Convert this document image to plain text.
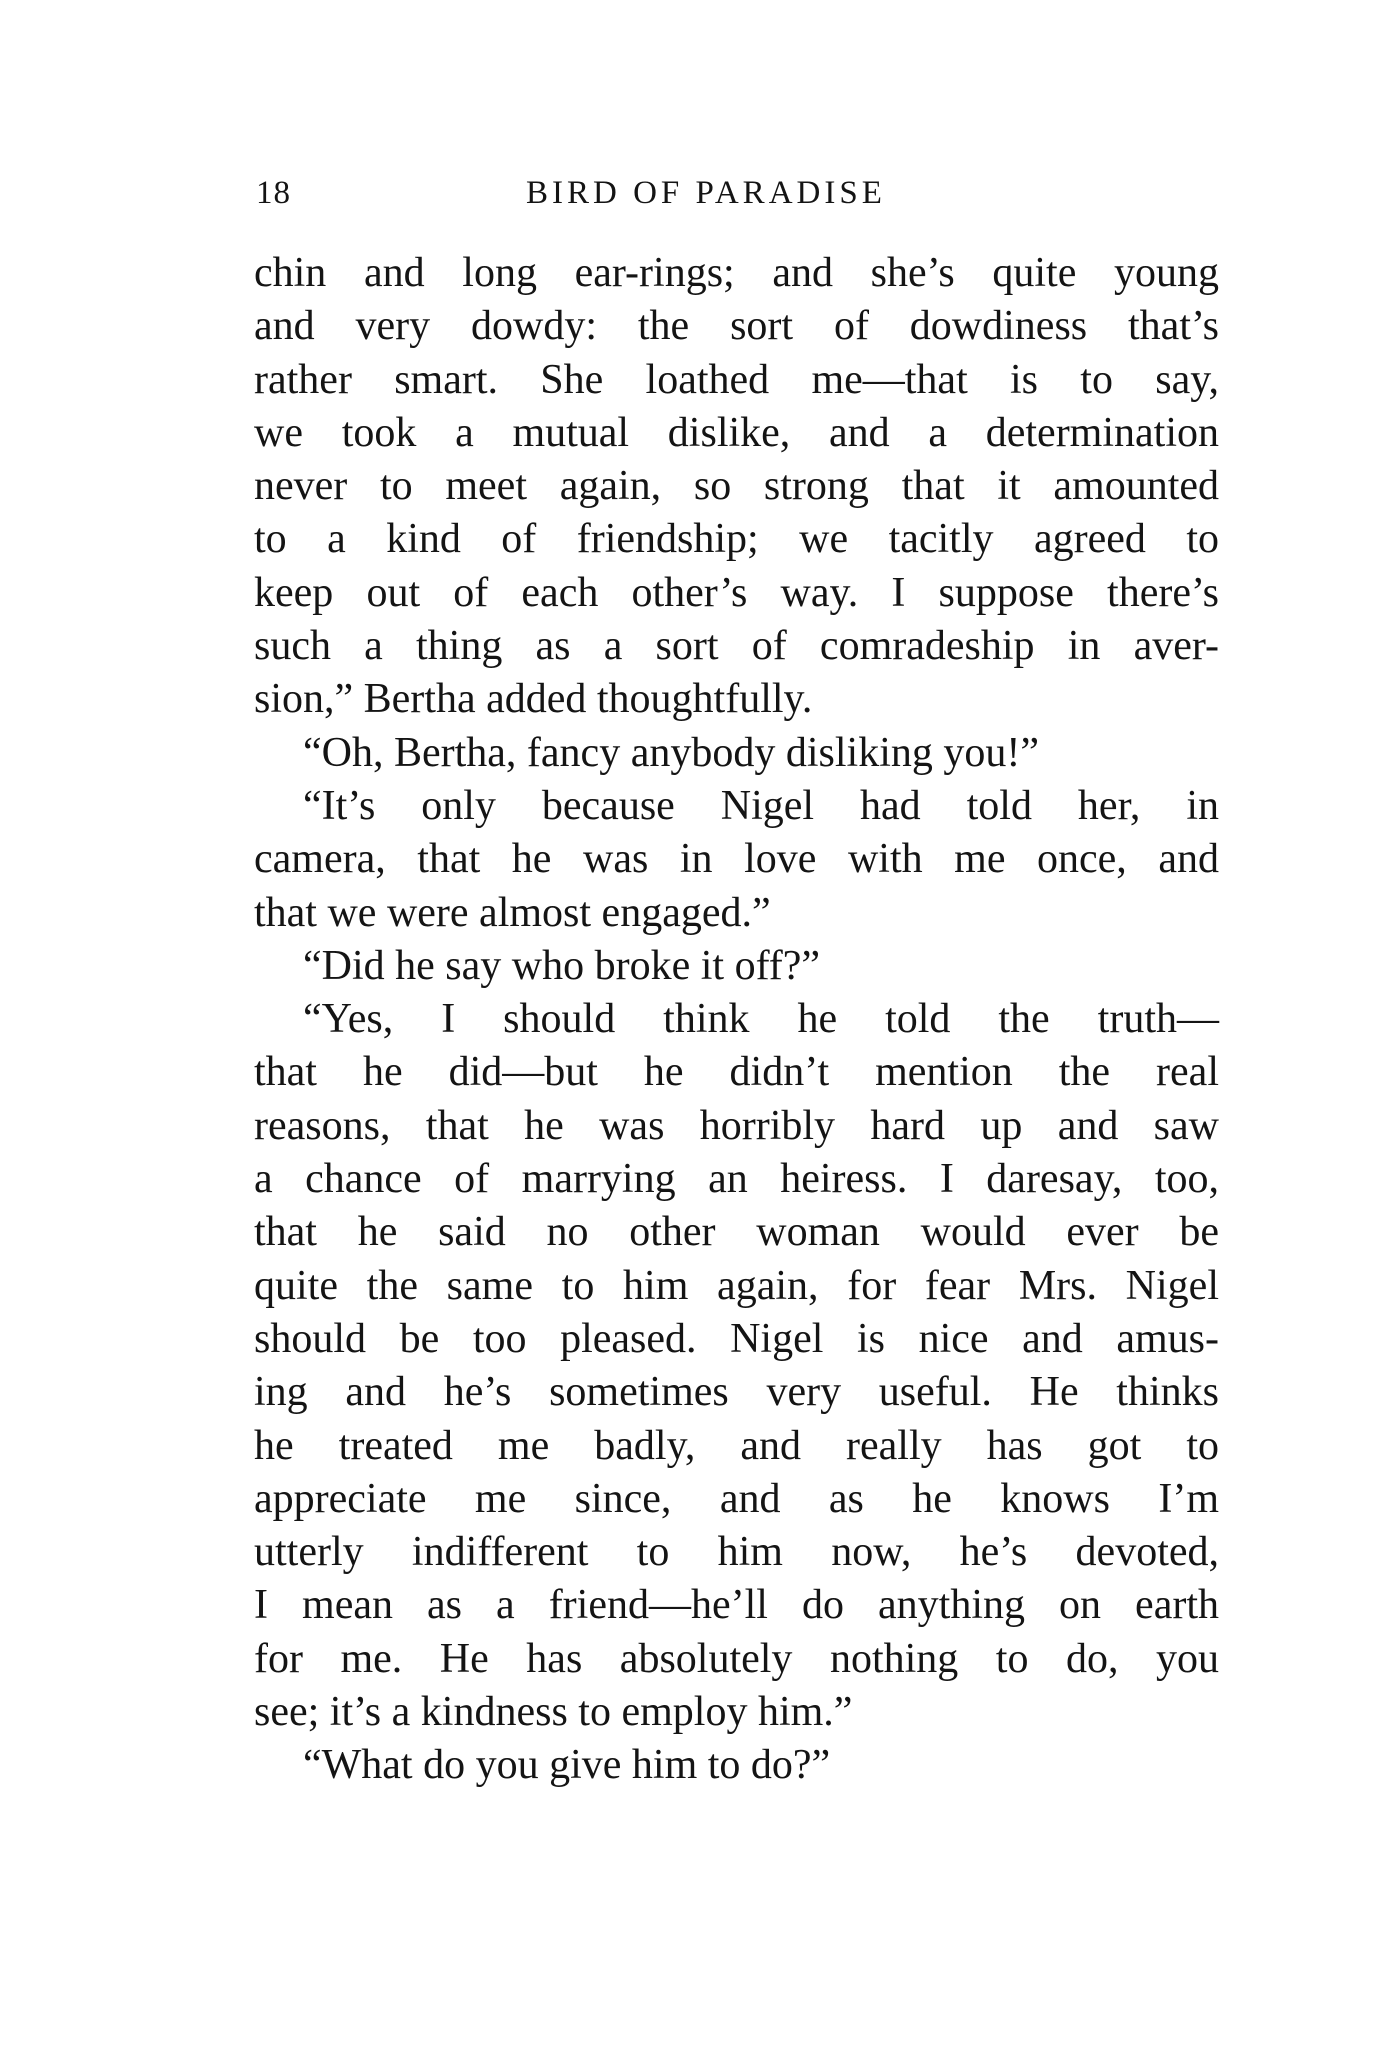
18	BIRD OF PARADISE
chin and long ear-rings; and she’s quite young
and very dowdy: the sort of dowdiness that’s
rather smart. She loathed me—that is to say,
we took a mutual dislike, and a determination
never to meet again, so strong that it amounted
to a kind of friendship; we tacitly agreed to
keep out of each other’s way. I suppose there’s
such a thing as a sort of comradeship in aver-
sion,” Bertha added thoughtfully.
“Oh, Bertha, fancy anybody disliking you!”
“It’s only because Nigel had told her, in
camera, that he was in love with me once, and
that we were almost engaged.”
“Did he say who broke it off?”
“Yes, I should think he told the truth—
that he did—but he didn’t mention the real
reasons, that he was horribly hard up and saw
a chance of marrying an heiress. I daresay, too,
that he said no other woman would ever be
quite the same to him again, for fear Mrs. Nigel
should be too pleased. Nigel is nice and amus-
ing and he’s sometimes very useful. He thinks
he treated me badly, and really has got to
appreciate me since, and as he knows I’m
utterly indifferent to him now, he’s devoted,
I mean as a friend—he’ll do anything on earth
for me. He has absolutely nothing to do, you
see; it’s a kindness to employ him.”
“What do you give him to do?”
